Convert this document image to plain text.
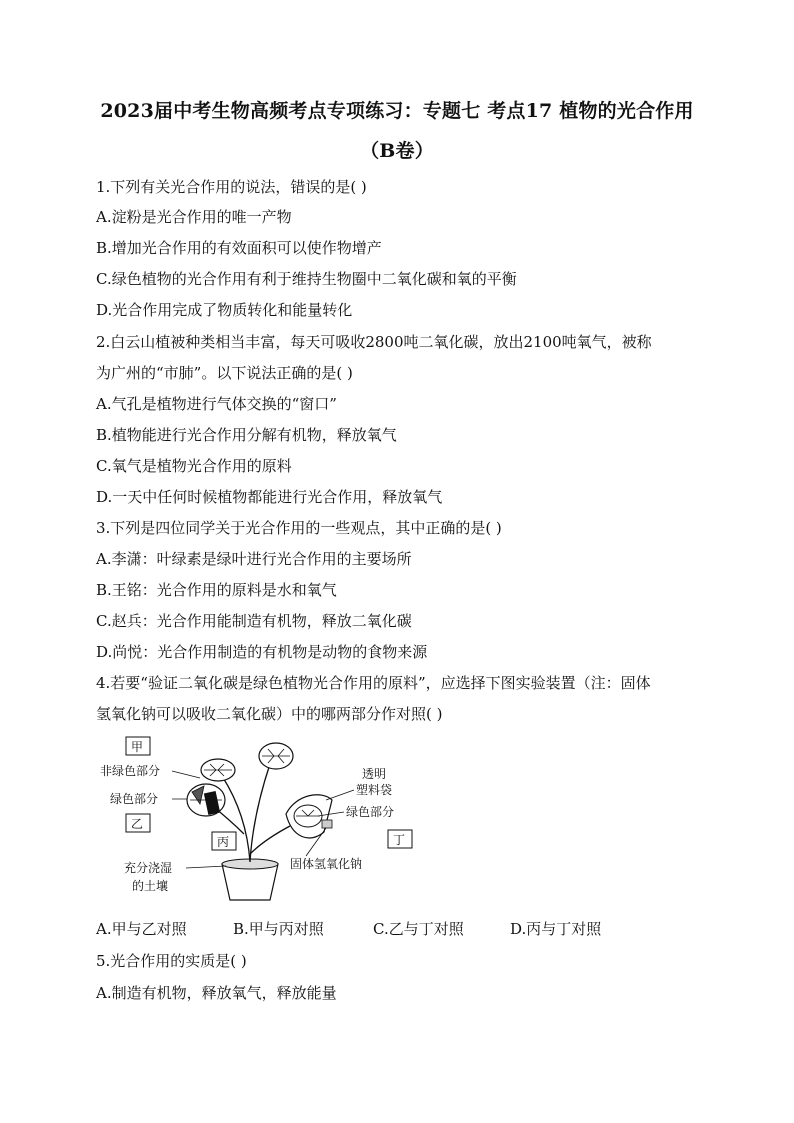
2023届中考生物高频考点专项练习：专题七 考点17 植物的光合作用
（B卷）
1.下列有关光合作用的说法，错误的是( )
A.淀粉是光合作用的唯一产物
B.增加光合作用的有效面积可以使作物增产
C.绿色植物的光合作用有利于维持生物圈中二氧化碳和氧的平衡
D.光合作用完成了物质转化和能量转化
2.白云山植被种类相当丰富，每天可吸收2800吨二氧化碳，放出2100吨氧气，被称
为广州的“市肺”。以下说法正确的是( )
A.气孔是植物进行气体交换的“窗口”
B.植物能进行光合作用分解有机物，释放氧气
C.氧气是植物光合作用的原料
D.一天中任何时候植物都能进行光合作用，释放氧气
3.下列是四位同学关于光合作用的一些观点，其中正确的是( )
A.李潇：叶绿素是绿叶进行光合作用的主要场所
B.王铭：光合作用的原料是水和氧气
C.赵兵：光合作用能制造有机物，释放二氧化碳
D.尚悦：光合作用制造的有机物是动物的食物来源
4.若要“验证二氧化碳是绿色植物光合作用的原料”，应选择下图实验装置（注：固体
氢氧化钠可以吸收二氧化碳）中的哪两部分作对照( )
甲
乙
丙	丁
非绿色部分
绿色部分
透明
塑料袋
绿色部分
充分浇湿
的土壤
固体氢氧化钠
A.甲与乙对照	B.甲与丙对照	C.乙与丁对照	D.丙与丁对照
5.光合作用的实质是( )
A.制造有机物，释放氧气，释放能量
